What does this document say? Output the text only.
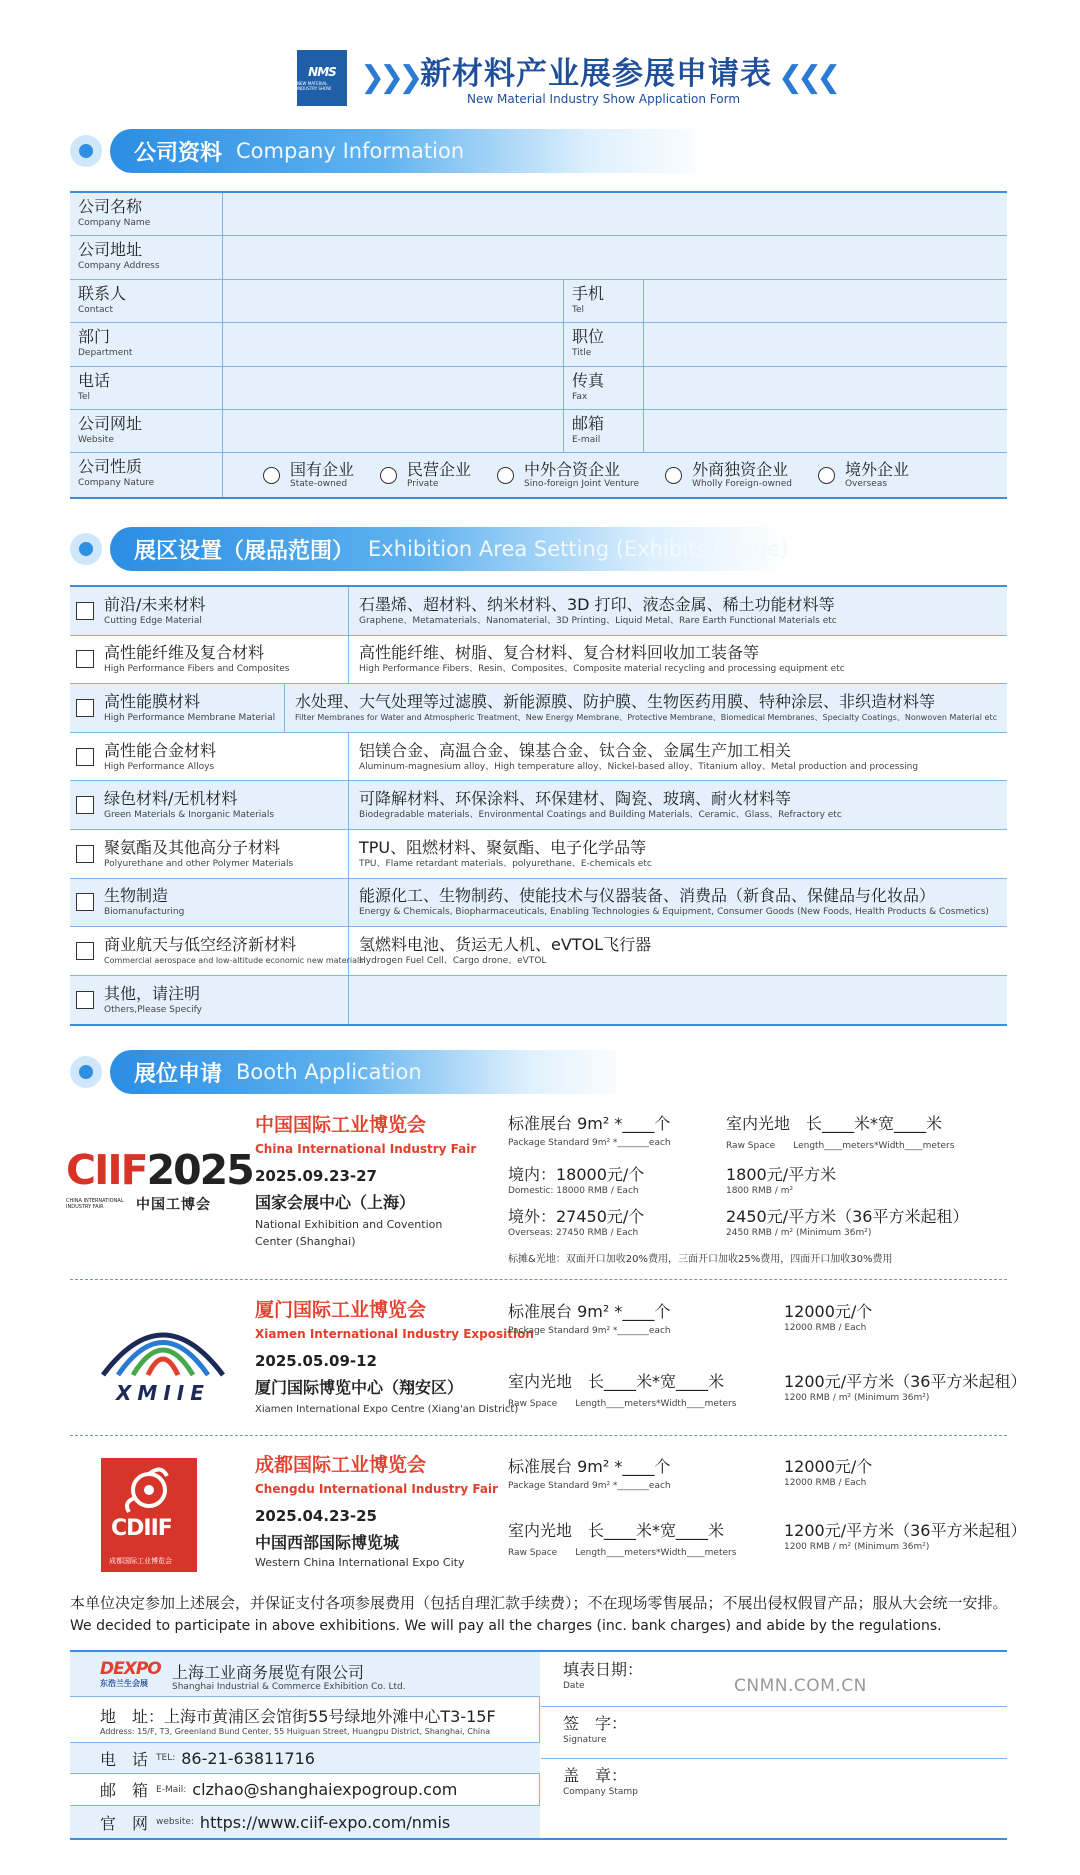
NMS
NEW MATERIAL INDUSTRY SHOW ❯❯❯ 新材料产业展参展申请表
New Material Industry Show Application Form
❮❮❮
公司资料 Company Information
公司名称
Company Name
公司地址
Company Address
联系人
Contact
手机
Tel
部门
Department
职位
Title
电话
Tel
传真
Fax
公司网址
Website
邮箱
E-mail
公司性质
Company Nature
国有企业
State-owned
民营企业
Private
中外合资企业
Sino-foreign Joint Venture
外商独资企业
Wholly Foreign-owned
境外企业
Overseas
展区设置（展品范围） Exhibition Area Setting (Exhibits Range)
前沿/未来材料
Cutting Edge Material
石墨烯、超材料、纳米材料、3D 打印、液态金属、稀土功能材料等
Graphene、Metamaterials、Nanomaterial、3D Printing、Liquid Metal、Rare Earth Functional Materials etc
高性能纤维及复合材料
High Performance Fibers and Composites
高性能纤维、树脂、复合材料、复合材料回收加工装备等
High Performance Fibers、Resin、Composites、Composite material recycling and processing equipment etc
高性能膜材料
High Performance Membrane Material
水处理、大气处理等过滤膜、新能源膜、防护膜、生物医药用膜、特种涂层、非织造材料等
Filter Membranes for Water and Atmospheric Treatment、New Energy Membrane、Protective Membrane、Biomedical Membranes、Specialty Coatings、Nonwoven Material etc
高性能合金材料
High Performance Alloys
铝镁合金、高温合金、镍基合金、钛合金、金属生产加工相关
Aluminum-magnesium alloy、High temperature alloy、Nickel-based alloy、Titanium alloy、Metal production and processing
绿色材料/无机材料
Green Materials & Inorganic Materials
可降解材料、环保涂料、环保建材、陶瓷、玻璃、耐火材料等
Biodegradable materials、Environmental Coatings and Building Materials、Ceramic、Glass、Refractory etc
聚氨酯及其他高分子材料
Polyurethane and other Polymer Materials
TPU、阻燃材料、聚氨酯、电子化学品等
TPU、Flame retardant materials、polyurethane、E-chemicals etc
生物制造
Biomanufacturing
能源化工、生物制药、使能技术与仪器装备、消费品（新食品、保健品与化妆品）
Energy & Chemicals, Biopharmaceuticals, Enabling Technologies & Equipment, Consumer Goods (New Foods, Health Products & Cosmetics)
商业航天与低空经济新材料
Commercial aerospace and low-altitude economic new materials
氢燃料电池、货运无人机、eVTOL飞行器
Hydrogen Fuel Cell、Cargo drone、eVTOL
其他，请注明
Others,Please Specify
展位申请 Booth Application
CIIF2025
CHINA INTERNATIONAL INDUSTRY FAIR	中国工博会
中国国际工业博览会
China International Industry Fair
2025.09.23-27
国家会展中心（上海）
National Exhibition and Covention Center (Shanghai)
标准展台 9m² *____个
Package Standard 9m² *_______each
境内：18000元/个
Domestic: 18000 RMB / Each
境外：27450元/个
Overseas: 27450 RMB / Each
室内光地　长____米*宽____米
Raw Space　　Length____meters*Width____meters
1800元/平方米
1800 RMB / m²
2450元/平方米（36平方米起租）
2450 RMB / m² (Minimum 36m²)
标摊&光地：双面开口加收20%费用，三面开口加收25%费用，四面开口加收30%费用
XMIIE
厦门国际工业博览会
Xiamen International Industry Exposition
2025.05.09-12
厦门国际博览中心（翔安区）
Xiamen International Expo Centre (Xiang'an District)
标准展台 9m² *____个
Package Standard 9m² *_______each
12000元/个
12000 RMB / Each
室内光地　长____米*宽____米
Raw Space　　Length____meters*Width____meters
1200元/平方米（36平方米起租）
1200 RMB / m² (Minimum 36m²)
CDIIF
成都国际工业博览会
成都国际工业博览会
Chengdu International Industry Fair
2025.04.23-25
中国西部国际博览城
Western China International Expo City
标准展台 9m² *____个
Package Standard 9m² *_______each
12000元/个
12000 RMB / Each
室内光地　长____米*宽____米
Raw Space　　Length____meters*Width____meters
1200元/平方米（36平方米起租）
1200 RMB / m² (Minimum 36m²)
本单位决定参加上述展会，并保证支付各项参展费用（包括自理汇款手续费）；不在现场零售展品；不展出侵权假冒产品；服从大会统一安排。
We decided to participate in above exhibitions. We will pay all the charges (inc. bank charges) and abide by the regulations.
DEXPO
东浩兰生会展
上海工业商务展览有限公司
Shanghai Industrial & Commerce Exhibition Co. Ltd.
地　址：上海市黄浦区会馆街55号绿地外滩中心T3-15F
Address: 15/F, T3, Greenland Bund Center, 55 Huiguan Street, Huangpu District, Shanghai, China
电　话 TEL: 86-21-63811716
邮　箱 E-Mail: clzhao@shanghaiexpogroup.com
官　网 website: https://www.ciif-expo.com/nmis
填表日期：
Date
签　字：
Signature
盖　章：
Company Stamp
CNMN.COM.CN
